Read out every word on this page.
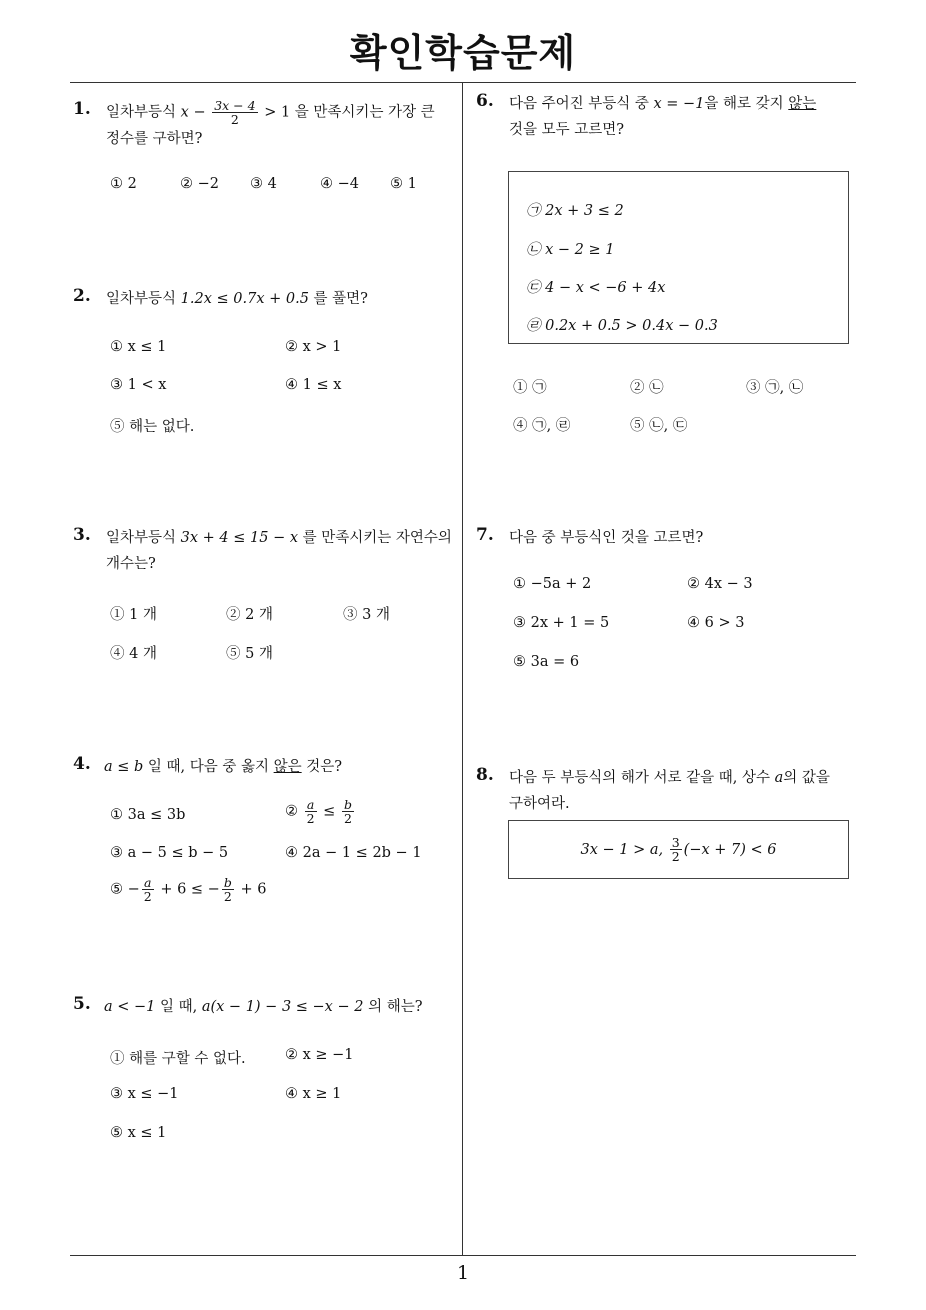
확인학습문제
1
1. 일차부등식 $x - \frac{3x - 4}{2} > 1$ 을 만족시키는 가장 큰
정수를 구하면?
① 2	② −2 ③ 4	④ −4 ⑤ 1
2. 일차부등식 1.2x ≤ 0.7x + 0.5 를 풀면?
① x ≤ 1	② x > 1
③ 1 < x	④ 1 ≤ x
⑤ 해는 없다.
3. 일차부등식 3x + 4 ≤ 15 − x 를 만족시키는 자연수의
개수는?
① 1 개	② 2 개	③ 3 개
④ 4 개	⑤ 5 개
4. a ≤ b 일 때, 다음 중 옳지 않은 것은?
① 3a ≤ 3b	② $\frac{a}{2} \le \frac{b}{2}$
③ a − 5 ≤ b − 5	④ 2a − 1 ≤ 2b − 1
⑤ − $\frac{a}{2} + 6$ ≤ − $\frac{b}{2} + 6$
5. a < −1 일 때, a(x − 1) − 3 ≤ −x − 2 의 해는?
① 해를 구할 수 없다.	② x ≥ −1
③ x ≤ −1	④ x ≥ 1
⑤ x ≤ 1
6. 다음 주어진 부등식 중 x = −1을 해로 갖지 않는
것을 모두 고르면?
㉠ 2x + 3 ≤ 2
㉡ x − 2 ≥ 1
㉢ 4 − x < −6 + 4x
㉣ 0.2x + 0.5 > 0.4x − 0.3
① ㉠	② ㉡	③ ㉠, ㉡
④ ㉠, ㉣	⑤ ㉡, ㉢
7. 다음 중 부등식인 것을 고르면?
① −5a + 2	② 4x − 3
③ 2x + 1 = 5	④ 6 > 3
⑤ 3a = 6
8. 다음 두 부등식의 해가 서로 같을 때, 상수 a의 값을
구하여라.
3x − 1 > a,
$\frac{3}{2} (-x + 7) < 6$
